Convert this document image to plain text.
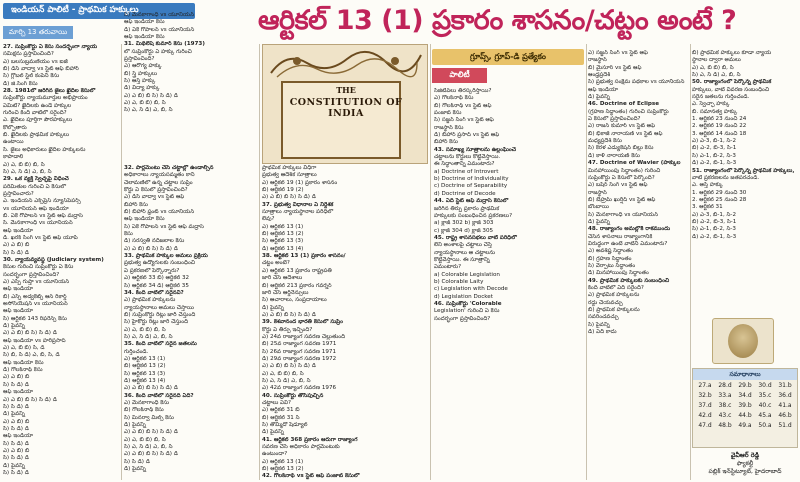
ఇండియన్ పాలిటీ - ప్రాథమిక హక్కులు
మార్చి 13 తరువాయి	ఆర్టికల్ 13 (1) ప్రకారం శాసనం/చట్టం అంటే ?
గ్రూప్స్, గ్రూప్-డి ప్రత్యేకం
పాలిటీ

27. సుప్రీంకోర్టు ఏ కేసు సందర్భంగా న్యాయ

సమీక్షను ప్రస్తావించింది?

ఎ) బలసుబ్రమణియం vs ఐజీ

బి) డీసీ వాద్వా vs స్టేట్ ఆఫ్ బీహార్

సి) గ్లోబల్ స్టీల్ కంపెనీ కేసు

డి) జి.సింగ్ కేసు

28. 1981లో జరిగిన జైలు ఖైదీల కేసులో

సుప్రీంకోర్టు న్యాయమూర్తుల అభిప్రాయం

ఏమిటి? ఖైదీలకు ఉండే హక్కుల

గురించి కింది వాటిలో సరైంది?

ఎ. ఖైదీలు పూర్తిగా పౌరహక్కులు

కోల్పోతారు

బి. ఖైదీలకు ప్రాథమిక హక్కులు

ఉంటాయి

సి. జైలు అధికారులు ఖైదీల హక్కులను

కాపాడాలి

ఎ) ఎ, బి బి) బి, సి

సి) ఎ, సి డి) ఎ, బి, సి

29. ఒక వ్యక్తి స్వేచ్ఛపై విధించే

పరిమితుల గురించి ఏ కేసులో

ప్రస్తావించారు?

ఎ. ఇండియన్ ఎక్స్‌ప్రెస్ న్యూస్‌పేపర్స్

vs యూనియన్ ఆఫ్ ఇండియా

బి. ఏకే గోపాలన్ vs స్టేట్ ఆఫ్ మద్రాస్

సి. మేనకాగాంధీ vs యూనియన్

ఆఫ్ ఇండియా

డి. ఖరక్ సింగ్ vs స్టేట్ ఆఫ్ యూపీ

ఎ) ఎ బి) బి

సి) సి డి) డి

30. న్యాయవ్యవస్థ (Judiciary system)

కేసుల గురించి సుప్రీంకోర్టు ఏ కేసు

సందర్భంగా ప్రస్తావించింది?

ఎ) ఎస్పీ గుప్తా vs యూనియన్

ఆఫ్ ఇండియా

బి) ఎస్సీ అడ్వకేట్స్ ఆన్ రికార్డ్

అసోసియేషన్ vs యూనియన్

ఆఫ్ ఇండియా

సి) ఆర్టికల్ 143 రిఫరెన్స్ కేసు

డి) పైవన్నీ

ఎ) ఎ బి) బి సి) సి డి) డి

ఆఫ్ ఇండియా vs హరిప్రసాద్

ఎ) ఎ, బి బి) సి, డి

సి) బి, సి డి) ఎ, బి, సి, డి

ఆఫ్ ఇండియా కేసు

డి) గోలక్‌నాథ్ కేసు

ఎ) ఎ బి) బి

సి) సి డి) డి

ఆఫ్ ఇండియా

ఎ) ఎ బి) బి సి) సి డి) డి

సి) సి డి) డి

డి) పైవన్నీ

ఎ) ఎ బి) బి

సి) సి డి) డి

ఆఫ్ ఇండియా

సి) సి డి) డి

ఎ) ఎ బి) బి

సి) సి డి) డి

డి) పైవన్నీ

సి) సి డి) డి

సి) మేనకాగాంధీ vs యూనియన్

ఆఫ్ ఇండియా కేసు

డి) ఏకే గోపాలన్ vs యూనియన్

ఆఫ్ ఇండియా కేసు

31. మిథిలేష్ కుమార్ కేసు (1973)

లో సుప్రీంకోర్టు ఏ హక్కు గురించి

ప్రస్తావించింది?

ఎ) ఆరోగ్య హక్కు

బి) స్త్రీ హక్కులు

సి) ఆస్తి హక్కు

డి) విద్యా హక్కు

ఎ) ఎ బి) బి సి) సి డి) డి

ఎ) ఎ, బి బి) బి, సి

సి) ఎ, సి డి) ఎ, బి, సి

32. పార్లమెంటు చేసే చట్టాల్లో ఉండాల్సిన

అధికారాలు న్యాయసమ్మతం కాని

చెలామణిలో ఉన్న చట్టాల సుప్రీం

కోర్టు ఏ కేసులో ప్రస్తావించింది?

ఎ) డీసీ వాద్వా vs స్టేట్ ఆఫ్

బీహార్ కేసు

బి) బీహార్ ఫ్రంట్ vs యూనియన్

ఆఫ్ ఇండియా కేసు

సి) ఏకే గోపాలన్ vs స్టేట్ ఆఫ్ మద్రాస్

కేసు

డి) సరస్వతీ నదీజలాల కేసు

ఎ) ఎ బి) బి సి) సి డి) డి

33. ప్రాథమిక హక్కుల అమలు ప్రక్రియ

ప్రభుత్వ ఉద్యోగులకు సంబంధించి

ఏ ప్రకరణలో పేర్కొన్నారు?

ఎ) ఆర్టికల్ 33 బి) ఆర్టికల్ 32

సి) ఆర్టికల్ 34 డి) ఆర్టికల్ 35

34. కింది వాటిలో సరైనవి?

ఎ) ప్రాథమిక హక్కులను

న్యాయస్థానాలు అమలు చేస్తాయి

బి) సుప్రీంకోర్టు రిట్లు జారీ చేస్తుంది

సి) హైకోర్టు రిట్లు జారీ చేస్తుంది

ఎ) ఎ, బి బి) బి, సి

సి) ఎ, సి డి) ఎ, బి, సి

35. కింది వాటిలో సరైన జతలను

గుర్తించండి.

ఎ) ఆర్టికల్ 13 (1)

బి) ఆర్టికల్ 13 (2)

సి) ఆర్టికల్ 13 (3)

డి) ఆర్టికల్ 13 (4)

ఎ) ఎ బి) బి సి) సి డి) డి

36. కింది వాటిలో సరైనది ఏది?

ఎ) మేనకాగాంధీ కేసు

బి) గోలక్‌నాథ్ కేసు

సి) మినర్వా మిల్స్ కేసు

డి) పైవన్నీ

ఎ) ఎ బి) బి సి) సి డి) డి

ఎ) ఎ, బి బి) బి, సి

సి) ఎ, సి డి) ఎ, బి, సి

ఎ) ఎ బి) బి సి) సి డి) డి

సి) సి డి) డి

డి) పైవన్నీ

ప్రాథమిక హక్కులు విధిగా

ప్రభుత్వ ఆదేశిక సూత్రాలు

ఎ) ఆర్టికల్ 19 (1) ప్రకారం శాసనం

బి) ఆర్టికల్ 19 (2)

ఎ) ఎ బి) బి సి) సి డి) డి

37. ప్రభుత్వ విధానాల ఏ నిర్దేశక

సూత్రాలు న్యాయస్థానాల పరిధిలో

లేవు?

ఎ) ఆర్టికల్ 13 (1)

బి) ఆర్టికల్ 13 (2)

సి) ఆర్టికల్ 13 (3)

డి) ఆర్టికల్ 13 (4)

38. ఆర్టికల్ 13 (1) ప్రకారం శాసనం/

చట్టం అంటే?

ఎ) ఆర్టికల్ 13 ప్రకారం రాష్ట్రపతి

జారీ చేసే ఆదేశాలు

బి) ఆర్టికల్ 213 ప్రకారం గవర్నర్

జారీ చేసే ఆర్డినెన్సులు

సి) ఆచారాలు, సంప్రదాయాలు

డి) పైవన్నీ

ఎ) ఎ బి) బి సి) సి డి) డి

39. కేశవానంద భారతి కేసులో సుప్రీం

కోర్టు ఏ తీర్పు ఇచ్చింది?

ఎ) 24వ రాజ్యాంగ సవరణ చెల్లుతుంది

బి) 25వ రాజ్యాంగ సవరణ 1971

సి) 26వ రాజ్యాంగ సవరణ 1971

డి) 29వ రాజ్యాంగ సవరణ 1972

ఎ) ఎ బి) బి సి) సి డి) డి

ఎ) ఎ, బి బి) బి, సి

సి) ఎ, సి డి) ఎ, బి, సి

ఎ) 42వ రాజ్యాంగ సవరణ 1976

40. సుప్రీంకోర్టు తోసిపుచ్చిన

చట్టాలు ఏవి?

ఎ) ఆర్టికల్ 31 బి

బి) ఆర్టికల్ 31 సి

సి) తొమ్మిదో షెడ్యూల్

డి) పైవన్నీ

41. ఆర్టికల్ 368 ప్రకారం ఆరుగా రాజ్యాంగ

సవరణ చేసే అధికారం పార్లమెంటుకు

ఉంటుందా?

ఎ) ఆర్టికల్ 13 (1)

బి) ఆర్టికల్ 13 (2)

42. గోలక్‌నాథ్ vs స్టేట్ ఆఫ్ పంజాబ్ కేసులో

సీజిటివ్‌లు తిరస్కరిస్తాయి?

ఎ) గోలక్‌నాథ్ కేసు

బి) గోలక్‌నాథ్ vs స్టేట్ ఆఫ్

పంజాబ్ కేసు

సి) సజ్జన్ సింగ్ vs స్టేట్ ఆఫ్

రాజస్థాన్ కేసు

డి) బీహార్ ప్రసాద్ vs స్టేట్ ఆఫ్

బీహార్ కేసు

43. సమాఖ్య సూత్రాలను ఉల్లంఘించే

చట్టాలను కోర్టులు కొట్టివేస్తాయి.

ఈ సిద్ధాంతాన్ని ఏమంటారు?

a) Doctrine of Introvert

b) Doctrine of Individuality

c) Doctrine of Separability

d) Doctrine of Decode

44. ఏది స్టేట్ ఆఫ్ మద్రాస్ కేసులో

జరిగిన తీర్పు ప్రకారం ప్రాథమిక

హక్కులకు సంబంధించిన ప్రకరణలు?

a) క్లాజ్ 302 b) క్లాజ్ 303

c) క్లాజ్ 304 d) క్లాజ్ 305

45. రాష్ట్ర శాసనసభలు వాటి పరిధిలో

లేని అంశాలపై చట్టాలు చేస్తే

న్యాయస్థానాలు ఆ చట్టాలను

కొట్టివేస్తాయి. ఈ సూత్రాన్ని

ఏమంటారు?

a) Colorable Legislation

b) Colorable Laity

c) Legislation with Decode

d) Legislation Docket

46. సుప్రీంకోర్టు 'Colorable

Legislation' గురించి ఏ కేసు

సందర్భంగా ప్రస్తావించింది?

ఎ) సజ్జన్ సింగ్ vs స్టేట్ ఆఫ్

రాజస్థాన్

బి) మైసూర్ vs స్టేట్ ఆఫ్

ఆంధ్రప్రదేశ్

సి) ప్రభుత్వ సంక్షేమ పథకాల vs యూనియన్

ఆఫ్ ఇండియా

డి) పైవన్నీ

46. Doctrine of Eclipse

(గ్రహణ సిద్ధాంతం) గురించి సుప్రీంకోర్టు

ఏ కేసులో ప్రస్తావించింది?

ఎ) రాజన్ కుమార్ vs స్టేట్ ఆఫ్

బి) భికాజీ నారాయణ్ vs స్టేట్ ఆఫ్

మధ్యప్రదేశ్ కేసు

సి) కేరళ ఎడ్యుకేషన్ బిల్లు కేసు

డి) కాళీ నారాయణ్ కేసు

47. Doctrine of Wavier (హక్కుల

మినహాయింపు సిద్ధాంతం) గురించి

సుప్రీంకోర్టు ఏ కేసులో పేర్కొంది?

ఎ) బషీర్ సింగ్ vs స్టేట్ ఆఫ్

రాజస్థాన్

బి) బెహ్రమ్ ఖుర్షీద్ vs స్టేట్ ఆఫ్

బొంబాయి

సి) మేనకాగాంధీ vs యూనియన్

డి) పైవన్నీ

48. రాజ్యాంగం అమల్లోకి రాకముందు

చేసిన శాసనాలు రాజ్యాంగానికి

విరుద్ధంగా ఉంటే వాటిని ఏమంటారు?

ఎ) అవశిష్ట సిద్ధాంతం

బి) గ్రహణ సిద్ధాంతం

సి) వేర్పాటు సిద్ధాంతం

డి) మినహాయింపు సిద్ధాంతం

49. ప్రాథమిక హక్కులకు సంబంధించి

కింది వాటిలో ఏది సరైంది?

ఎ) ప్రాథమిక హక్కులను

రద్దు చేయవచ్చు

బి) ప్రాథమిక హక్కులను

సవరించవచ్చు

సి) పైవన్నీ

డి) ఏదీ కాదు

బి) ప్రాథమిక హక్కులు కూడా న్యాయ

స్థానాల ద్వారా అమలు

ఎ) ఎ, బి బి) బి, సి

సి) ఎ, సి డి) ఎ, బి, సి

50. రాజ్యాంగంలో పేర్కొన్న ప్రాథమిక

హక్కులు, వాటి వివరణ సంబంధించి

సరైన జతలను గుర్తించండి.

ఎ. స్వేచ్ఛా హక్కు

బి. సమానత్వ హక్కు

1. ఆర్టికల్ 23 నుంచి 24

2. ఆర్టికల్ 19 నుంచి 22

3. ఆర్టికల్ 14 నుంచి 18

ఎ) ఎ-3, బి-1, సి-2

బి) ఎ-2, బి-3, సి-1

సి) ఎ-1, బి-2, సి-3

డి) ఎ-2, బి-1, సి-3

51. రాజ్యాంగంలో పేర్కొన్న ప్రాథమిక హక్కులు,

వాటి ప్రకరణలను జతపరచండి.

ఎ. ఆస్తి హక్కు

1. ఆర్టికల్ 29 నుంచి 30

2. ఆర్టికల్ 25 నుంచి 28

3. ఆర్టికల్ 31

ఎ) ఎ-3, బి-1, సి-2

బి) ఎ-2, బి-3, సి-1

సి) ఎ-1, బి-2, సి-3

డి) ఎ-2, బి-1, సి-3

THE
CONSTITUTION OF INDIA
సమాధానాలు
27.a	28.d	29.b	30.d	31.b
32.b	33.a	34.d	35.c	36.d
37.d	38.c	39.b	40.c	41.a
42.d	43.c	44.b	45.a	46.b
47.d	48.b	49.a	50.a	51.d
వైవీఆర్ రెడ్డి
ఫ్యాకల్టీ
పబ్లిక్ ఇన్‌స్టిట్యూట్, హైదరాబాద్
